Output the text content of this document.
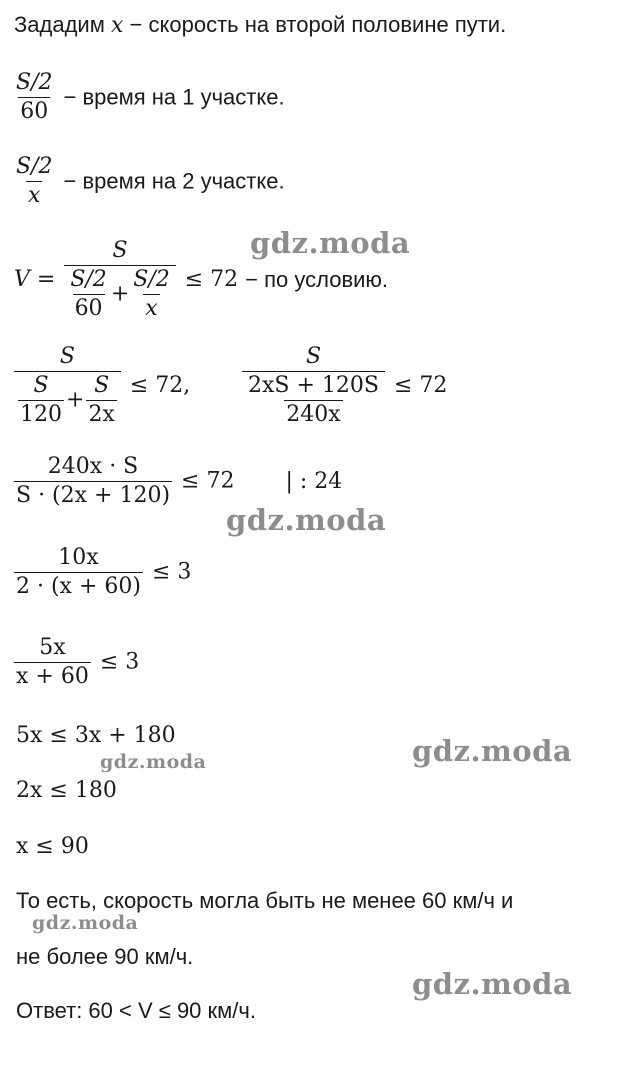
Зададим x − скорость на второй половине пути.
$\frac{S/2}{60}$ − время на 1 участке.
$\frac{S/2}{x}$ − время на 2 участке.
$V = \frac{S}{\frac{S/2}{60} + \frac{S/2}{x}} \le 72$ − по условию.
$\frac{S}{\frac{S}{120} + \frac{S}{2x}} \le 72$, $\frac{S}{\frac{2xS + 120S}{240x}} \le 72$
$\frac{240x \cdot S}{S \cdot (2x + 120)} \le 72$ | : 24
$\frac{10x}{2 \cdot (x + 60)} \le 3$
$\frac{5x}{x + 60} \le 3$
5x ≤ 3x + 180
2x ≤ 180
x ≤ 90
То есть, скорость могла быть не менее 60 км/ч и
не более 90 км/ч.
Ответ: 60 < V ≤ 90 км/ч.
gdz.moda
gdz.moda
gdz.moda
gdz.moda
gdz.moda
gdz.moda
